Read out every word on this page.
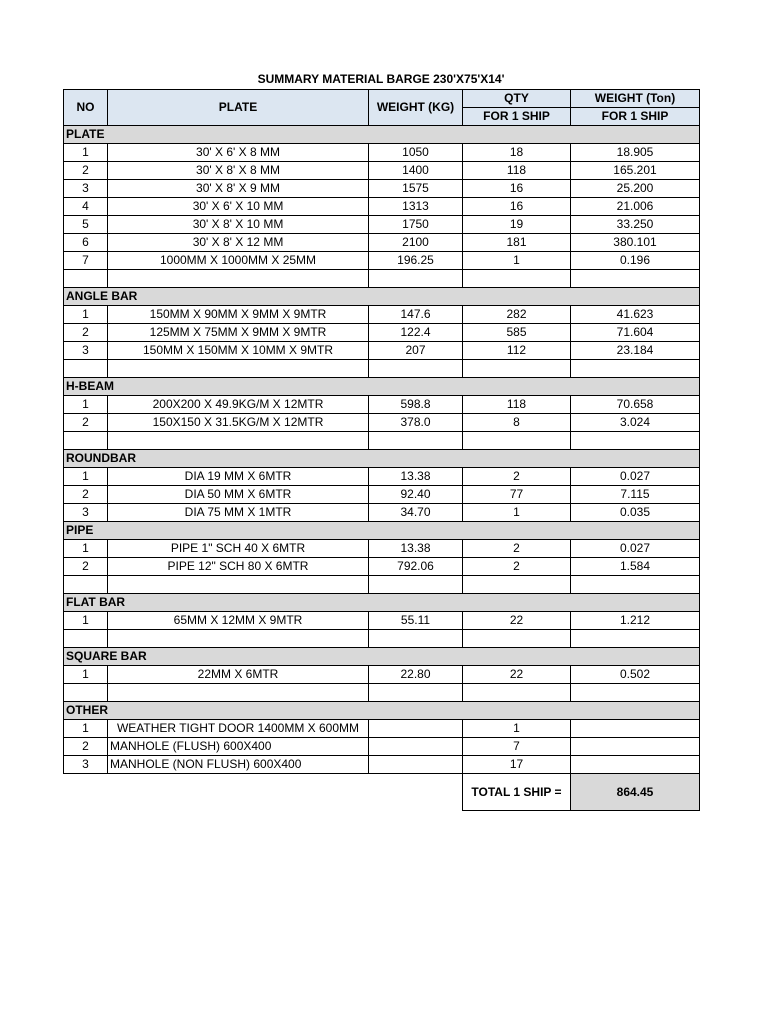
SUMMARY MATERIAL BARGE 230'X75'X14'
NO	PLATE	WEIGHT (KG)	QTY	WEIGHT (Ton)
			FOR 1 SHIP	FOR 1 SHIP
PLATE				
1	30' X 6' X 8 MM	1050	18	18.905
2	30' X 8' X 8 MM	1400	118	165.201
3	30' X 8' X 9 MM	1575	16	25.200
4	30' X 6' X 10 MM	1313	16	21.006
5	30' X 8' X 10 MM	1750	19	33.250
6	30' X 8' X 12 MM	2100	181	380.101
7	1000MM X 1000MM X 25MM	196.25	1	0.196

ANGLE BAR				
1	150MM X 90MM X 9MM X 9MTR	147.6	282	41.623
2	125MM X 75MM X 9MM X 9MTR	122.4	585	71.604
3	150MM X 150MM X 10MM X 9MTR	207	112	23.184

H-BEAM				
1	200X200 X 49.9KG/M X 12MTR	598.8	118	70.658
2	150X150 X 31.5KG/M X 12MTR	378.0	8	3.024

ROUNDBAR				
1	DIA 19 MM X 6MTR	13.38	2	0.027
2	DIA 50 MM X 6MTR	92.40	77	7.115
3	DIA 75 MM X 1MTR	34.70	1	0.035
PIPE				
1	PIPE 1" SCH 40 X 6MTR	13.38	2	0.027
2	PIPE 12" SCH 80 X 6MTR	792.06	2	1.584

FLAT BAR				
1	65MM X 12MM X 9MTR	55.11	22	1.212

SQUARE BAR				
1	22MM X 6MTR	22.80	22	0.502

OTHER				
1	WEATHER TIGHT DOOR 1400MM X 600MM		1	
2	MANHOLE (FLUSH) 600X400		7	
3	MANHOLE (NON FLUSH) 600X400		17	
			TOTAL 1 SHIP =	864.45
